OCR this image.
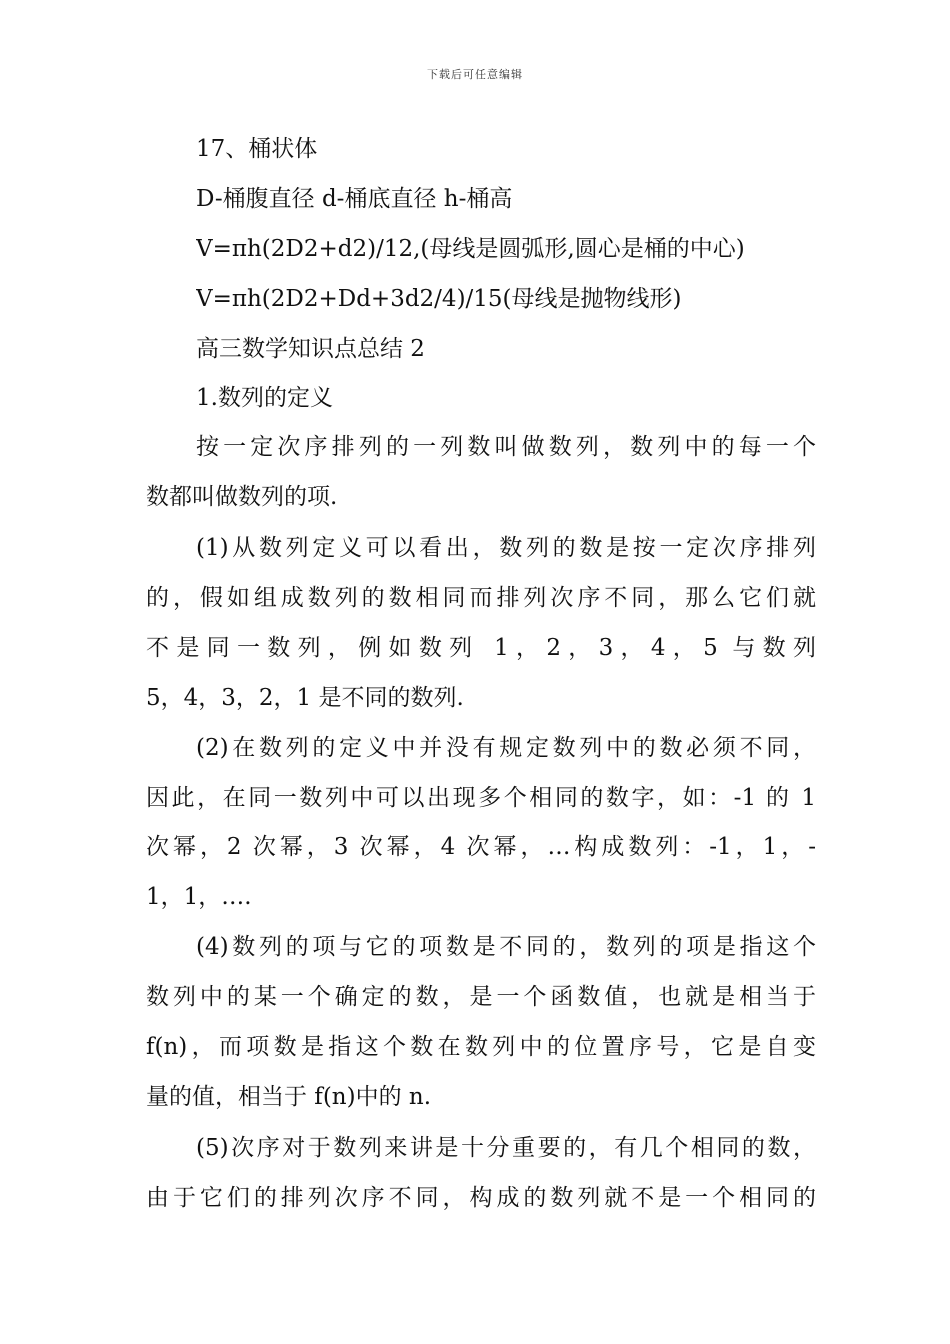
下载后可任意编辑
17、桶状体
D-桶腹直径 d-桶底直径 h-桶高
V=πh(2D2+d2)/12,(母线是圆弧形,圆心是桶的中心)
V=πh(2D2+Dd+3d2/4)/15(母线是抛物线形)
高三数学知识点总结 2
1.数列的定义
按一定次序排列的一列数叫做数列，数列中的每一个
数都叫做数列的项.
(1)从数列定义可以看出，数列的数是按一定次序排列
的，假如组成数列的数相同而排列次序不同，那么它们就
不是同一数列，例如数列 1，2，3，4，5 与数列
5，4，3，2，1 是不同的数列.
(2)在数列的定义中并没有规定数列中的数必须不同，
因此，在同一数列中可以出现多个相同的数字，如：-1 的 1
次幂，2 次幂，3 次幂，4 次幂，…构成数列：-1，1，-
1，1，….
(4)数列的项与它的项数是不同的，数列的项是指这个
数列中的某一个确定的数，是一个函数值，也就是相当于
f(n)，而项数是指这个数在数列中的位置序号，它是自变
量的值，相当于 f(n)中的 n.
(5)次序对于数列来讲是十分重要的，有几个相同的数，
由于它们的排列次序不同，构成的数列就不是一个相同的
